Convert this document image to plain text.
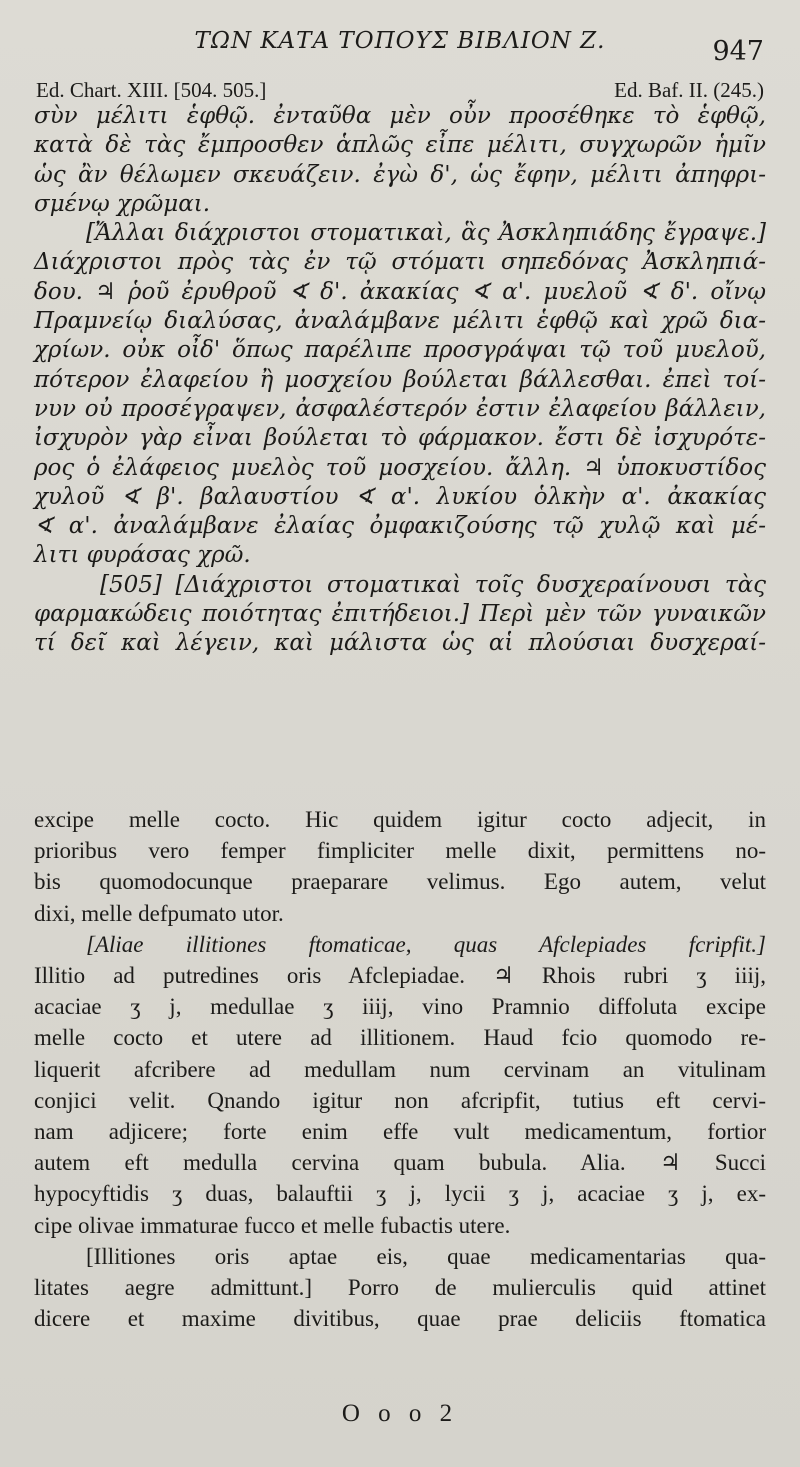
ΤΩΝ ΚΑΤΑ ΤΟΠΟΥΣ ΒΙΒΛΙΟΝ Ζ.	947
Ed. Chart. XIII. [504. 505.]	Ed. Baf. II. (245.)
σὺν μέλιτι ἑφθῷ. ἐνταῦθα μὲν οὖν προσέθηκε τὸ ἑφθῷ,
κατὰ δὲ τὰς ἔμπροσθεν ἁπλῶς εἶπε μέλιτι, συγχωρῶν ἡμῖν
ὡς ἂν θέλωμεν σκευάζειν. ἐγὼ δ', ὡς ἔφην, μέλιτι ἀπηφρι-
σμένῳ χρῶμαι.
[Ἄλλαι διάχριστοι στοματικαὶ, ἃς Ἀσκληπιάδης ἔγραψε.]
Διάχριστοι πρὸς τὰς ἐν τῷ στόματι σηπεδόνας Ἀσκληπιά-
δου. ♃ ῥοῦ ἐρυθροῦ ∢ δ'. ἀκακίας ∢ α'. μυελοῦ ∢ δ'. οἴνῳ
Πραμνείῳ διαλύσας, ἀναλάμβανε μέλιτι ἑφθῷ καὶ χρῶ δια-
χρίων. οὐκ οἶδ' ὅπως παρέλιπε προσγράψαι τῷ τοῦ μυελοῦ,
πότερον ἐλαφείου ἢ μοσχείου βούλεται βάλλεσθαι. ἐπεὶ τοί-
νυν οὐ προσέγραψεν, ἀσφαλέστερόν ἐστιν ἐλαφείου βάλλειν,
ἰσχυρὸν γὰρ εἶναι βούλεται τὸ φάρμακον. ἔστι δὲ ἰσχυρότε-
ρος ὁ ἐλάφειος μυελὸς τοῦ μοσχείου. ἄλλη. ♃ ὑποκυστίδος
χυλοῦ ∢ β'. βαλαυστίου ∢ α'. λυκίου ὁλκὴν α'. ἀκακίας
∢ α'. ἀναλάμβανε ἐλαίας ὀμφακιζούσης τῷ χυλῷ καὶ μέ-
λιτι φυράσας χρῶ.
[505] [Διάχριστοι στοματικαὶ τοῖς δυσχεραίνουσι τὰς
φαρμακώδεις ποιότητας ἐπιτήδειοι.] Περὶ μὲν τῶν γυναικῶν
τί δεῖ καὶ λέγειν, καὶ μάλιστα ὡς αἱ πλούσιαι δυσχεραί-
excipe melle cocto. Hic quidem igitur cocto adjecit, in
prioribus vero femper fimpliciter melle dixit, permittens no-
bis quomodocunque praeparare velimus. Ego autem, velut
dixi, melle defpumato utor.
[Aliae illitiones ftomaticae, quas Afclepiades fcripfit.]
Illitio ad putredines oris Afclepiadae. ♃ Rhois rubri ʒ iiij,
acaciae ʒ j, medullae ʒ iiij, vino Pramnio diffoluta excipe
melle cocto et utere ad illitionem. Haud fcio quomodo re-
liquerit afcribere ad medullam num cervinam an vitulinam
conjici velit. Qnando igitur non afcripfit, tutius eft cervi-
nam adjicere; forte enim effe vult medicamentum, fortior
autem eft medulla cervina quam bubula. Alia. ♃ Succi
hypocyftidis ʒ duas, balauftii ʒ j, lycii ʒ j, acaciae ʒ j, ex-
cipe olivae immaturae fucco et melle fubactis utere.
[Illitiones oris aptae eis, quae medicamentarias qua-
litates aegre admittunt.] Porro de mulierculis quid attinet
dicere et maxime divitibus, quae prae deliciis ftomatica
O o o 2
